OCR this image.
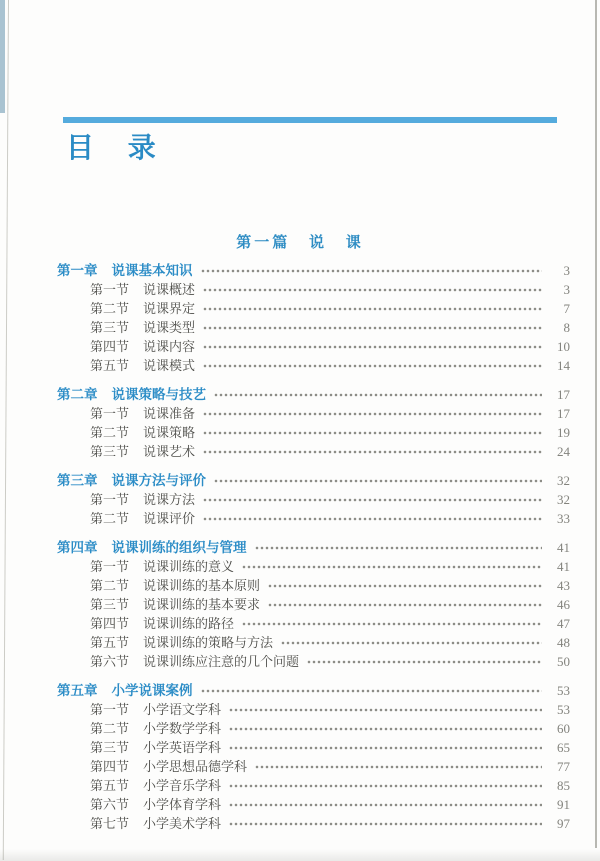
目 录
第一篇 说 课
第一章 说课基本知识	3
第一节 说课概述	3
第二节 说课界定	7
第三节 说课类型	8
第四节 说课内容	10
第五节 说课模式	14
第二章 说课策略与技艺	17
第一节 说课准备	17
第二节 说课策略	19
第三节 说课艺术	24
第三章 说课方法与评价	32
第一节 说课方法	32
第二节 说课评价	33
第四章 说课训练的组织与管理	41
第一节 说课训练的意义	41
第二节 说课训练的基本原则	43
第三节 说课训练的基本要求	46
第四节 说课训练的路径	47
第五节 说课训练的策略与方法	48
第六节 说课训练应注意的几个问题	50
第五章 小学说课案例	53
第一节 小学语文学科	53
第二节 小学数学学科	60
第三节 小学英语学科	65
第四节 小学思想品德学科	77
第五节 小学音乐学科	85
第六节 小学体育学科	91
第七节 小学美术学科	97
